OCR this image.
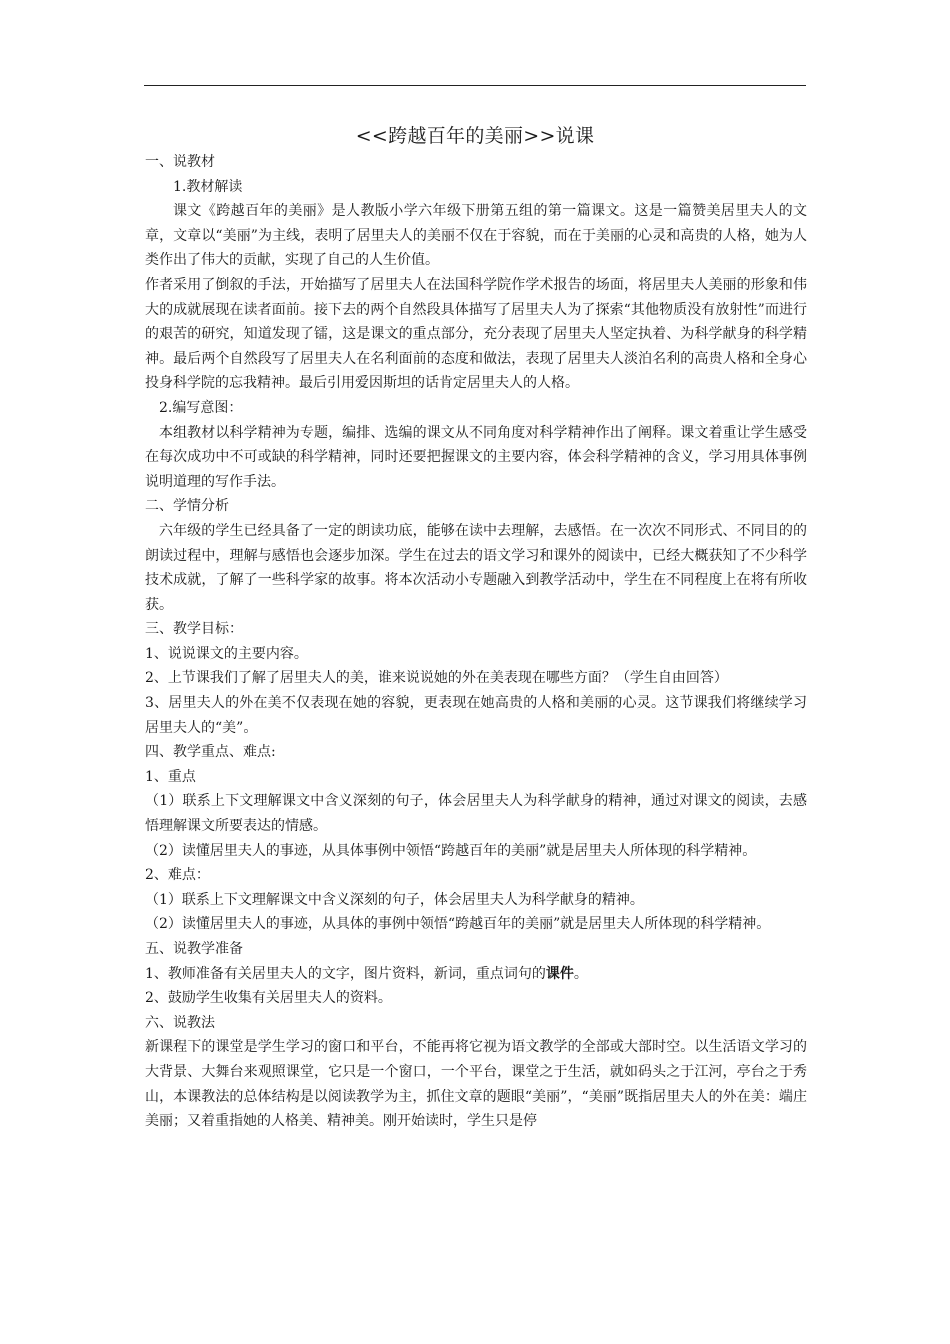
<<跨越百年的美丽>>说课

一、说教材

1.教材解读

课文《跨越百年的美丽》是人教版小学六年级下册第五组的第一篇课文。这是一篇赞美居里夫人的文章，文章以“美丽”为主线，表明了居里夫人的美丽不仅在于容貌，而在于美丽的心灵和高贵的人格，她为人类作出了伟大的贡献，实现了自己的人生价值。

作者采用了倒叙的手法，开始描写了居里夫人在法国科学院作学术报告的场面，将居里夫人美丽的形象和伟大的成就展现在读者面前。接下去的两个自然段具体描写了居里夫人为了探索“其他物质没有放射性”而进行的艰苦的研究，知道发现了镭，这是课文的重点部分，充分表现了居里夫人坚定执着、为科学献身的科学精神。最后两个自然段写了居里夫人在名利面前的态度和做法，表现了居里夫人淡泊名利的高贵人格和全身心投身科学院的忘我精神。最后引用爱因斯坦的话肯定居里夫人的人格。

2.编写意图：

本组教材以科学精神为专题，编排、选编的课文从不同角度对科学精神作出了阐释。课文着重让学生感受在每次成功中不可或缺的科学精神，同时还要把握课文的主要内容，体会科学精神的含义，学习用具体事例说明道理的写作手法。

二、学情分析

六年级的学生已经具备了一定的朗读功底，能够在读中去理解，去感悟。在一次次不同形式、不同目的的朗读过程中，理解与感悟也会逐步加深。学生在过去的语文学习和课外的阅读中，已经大概获知了不少科学技术成就，了解了一些科学家的故事。将本次活动小专题融入到教学活动中，学生在不同程度上在将有所收获。

三、教学目标：

1、说说课文的主要内容。

2、上节课我们了解了居里夫人的美，谁来说说她的外在美表现在哪些方面？（学生自由回答）

3、居里夫人的外在美不仅表现在她的容貌，更表现在她高贵的人格和美丽的心灵。这节课我们将继续学习居里夫人的“美”。

四、教学重点、难点:

1、重点

（1）联系上下文理解课文中含义深刻的句子，体会居里夫人为科学献身的精神，通过对课文的阅读，去感悟理解课文所要表达的情感。

（2）读懂居里夫人的事迹，从具体事例中领悟“跨越百年的美丽”就是居里夫人所体现的科学精神。

2、难点：

（1）联系上下文理解课文中含义深刻的句子，体会居里夫人为科学献身的精神。

（2）读懂居里夫人的事迹，从具体的事例中领悟“跨越百年的美丽”就是居里夫人所体现的科学精神。

五、说教学准备

1、教师准备有关居里夫人的文字，图片资料，新词，重点词句的课件。

2、鼓励学生收集有关居里夫人的资料。

六、说教法

新课程下的课堂是学生学习的窗口和平台，不能再将它视为语文教学的全部或大部时空。以生活语文学习的大背景、大舞台来观照课堂，它只是一个窗口，一个平台，课堂之于生活，就如码头之于江河，亭台之于秀山，本课教法的总体结构是以阅读教学为主，抓住文章的题眼“美丽”，“美丽”既指居里夫人的外在美：端庄美丽；又着重指她的人格美、精神美。刚开始读时，学生只是停
